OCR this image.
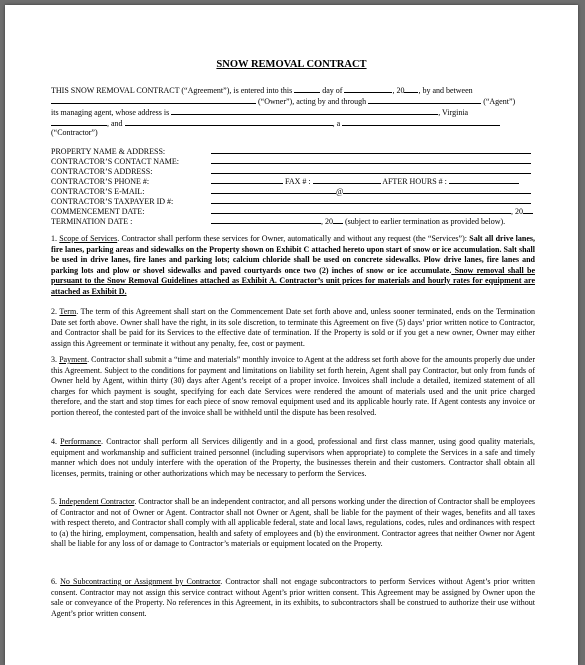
SNOW REMOVAL CONTRACT
THIS SNOW REMOVAL CONTRACT (“Agreement”), is entered into this	day of	, 20 , by and between
(“Owner”), acting by and through	(“Agent”)
its managing agent, whose address is	, Virginia
, and	, a
(“Contractor”)
PROPERTY NAME & ADDRESS:
CONTRACTOR’S CONTACT NAME:
CONTRACTOR’S ADDRESS:
CONTRACTOR’S PHONE #:	FAX # :	AFTER HOURS # :
CONTRACTOR’S E-MAIL:	@
CONTRACTOR’S TAXPAYER ID #:
COMMENCEMENT DATE:	, 20
TERMINATION DATE :	, 20 (subject to earlier termination as provided below).
1. Scope of Services. Contractor shall perform these services for Owner, automatically and without any request (the “Services”): Salt all drive lanes, fire lanes, parking areas and sidewalks on the Property shown on Exhibit C attached hereto upon start of snow or ice accumulation. Salt shall be used in drive lanes, fire lanes and parking lots; calcium chloride shall be used on concrete sidewalks. Plow drive lanes, fire lanes and parking lots and plow or shovel sidewalks and paved courtyards once two (2) inches of snow or ice accumulate. Snow removal shall be pursuant to the Snow Removal Guidelines attached as Exhibit A. Contractor’s unit prices for materials and hourly rates for equipment are attached as Exhibit D.
2. Term. The term of this Agreement shall start on the Commencement Date set forth above and, unless sooner terminated, ends on the Termination Date set forth above. Owner shall have the right, in its sole discretion, to terminate this Agreement on five (5) days’ prior written notice to Contractor, and Contractor shall be paid for its Services to the effective date of termination. If the Property is sold or if you get a new owner, Owner may either assign this Agreement or terminate it without any penalty, fee, cost or payment.
3. Payment. Contractor shall submit a “time and materials” monthly invoice to Agent at the address set forth above for the amounts properly due under this Agreement. Subject to the conditions for payment and limitations on liability set forth herein, Agent shall pay Contractor, but only from funds of Owner held by Agent, within thirty (30) days after Agent’s receipt of a proper invoice. Invoices shall include a detailed, itemized statement of all charges for which payment is sought, specifying for each date Services were rendered the amount of materials used and the unit price charged therefore, and the start and stop times for each piece of snow removal equipment used and its applicable hourly rate. If Agent contests any invoice or portion thereof, the contested part of the invoice shall be withheld until the dispute has been resolved.
4. Performance. Contractor shall perform all Services diligently and in a good, professional and first class manner, using good quality materials, equipment and workmanship and sufficient trained personnel (including supervisors when appropriate) to complete the Services in a safe and timely manner which does not unduly interfere with the operation of the Property, the businesses therein and their customers. Contractor shall obtain all licenses, permits, training or other authorizations which may be necessary to perform the Services.
5. Independent Contractor. Contractor shall be an independent contractor, and all persons working under the direction of Contractor shall be employees of Contractor and not of Owner or Agent. Contractor shall not Owner or Agent, shall be liable for the payment of their wages, benefits and all taxes with respect thereto, and Contractor shall comply with all applicable federal, state and local laws, regulations, codes, rules and ordinances with respect to (a) the hiring, employment, compensation, health and safety of employees and (b) the environment. Contractor agrees that neither Owner nor Agent shall be liable for any loss of or damage to Contractor’s materials or equipment located on the Property.
6. No Subcontracting or Assignment by Contractor. Contractor shall not engage subcontractors to perform Services without Agent’s prior written consent. Contractor may not assign this service contract without Agent’s prior written consent. This Agreement may be assigned by Owner upon the sale or conveyance of the Property. No references in this Agreement, in its exhibits, to subcontractors shall be construed to authorize their use without Agent’s prior written consent.
